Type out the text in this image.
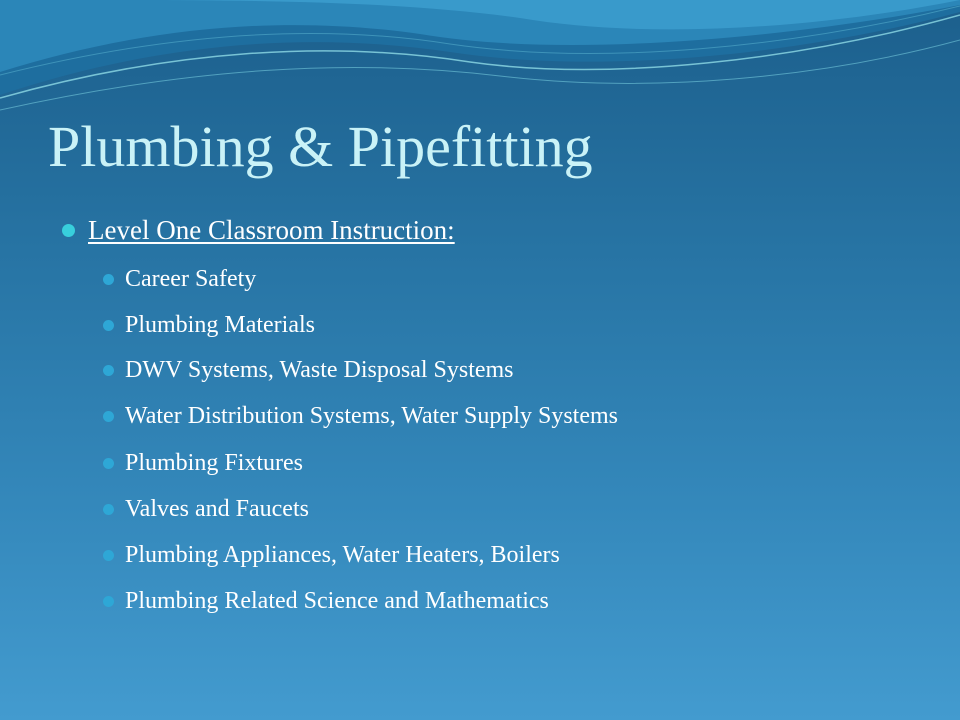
Plumbing & Pipefitting
Level One Classroom Instruction:
Career Safety
Plumbing Materials
DWV Systems, Waste Disposal Systems
Water Distribution Systems, Water Supply Systems
Plumbing Fixtures
Valves and Faucets
Plumbing Appliances, Water Heaters, Boilers
Plumbing Related Science and Mathematics
